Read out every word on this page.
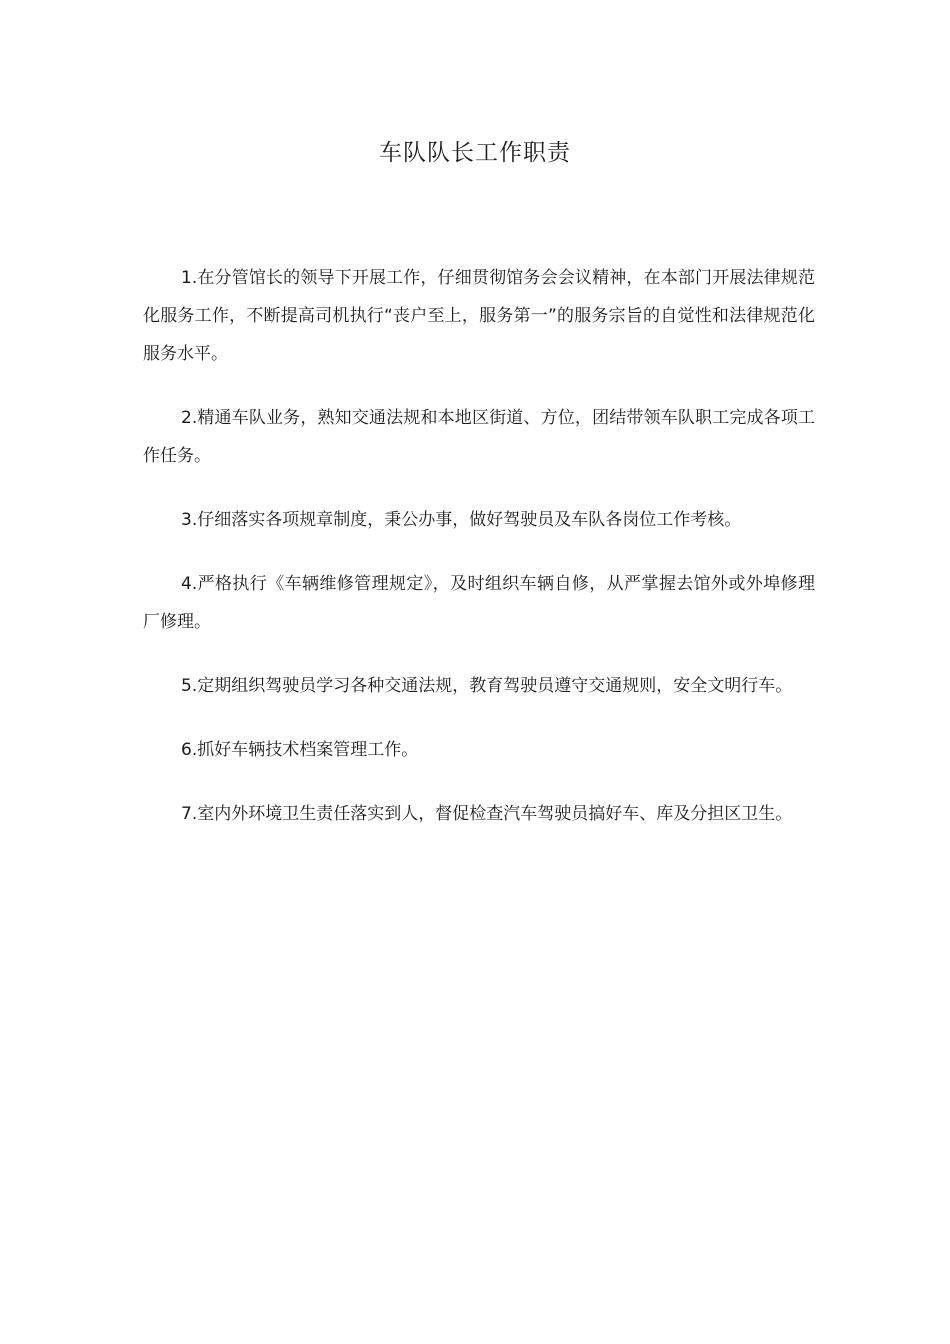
车队队长工作职责

1.在分管馆长的领导下开展工作，仔细贯彻馆务会会议精神，在本部门开展法律规范化服务工作，不断提高司机执行“丧户至上，服务第一”的服务宗旨的自觉性和法律规范化服务水平。

2.精通车队业务，熟知交通法规和本地区街道、方位，团结带领车队职工完成各项工作任务。

3.仔细落实各项规章制度，秉公办事，做好驾驶员及车队各岗位工作考核。

4.严格执行《车辆维修管理规定》，及时组织车辆自修，从严掌握去馆外或外埠修理厂修理。

5.定期组织驾驶员学习各种交通法规，教育驾驶员遵守交通规则，安全文明行车。

6.抓好车辆技术档案管理工作。

7.室内外环境卫生责任落实到人，督促检查汽车驾驶员搞好车、库及分担区卫生。
